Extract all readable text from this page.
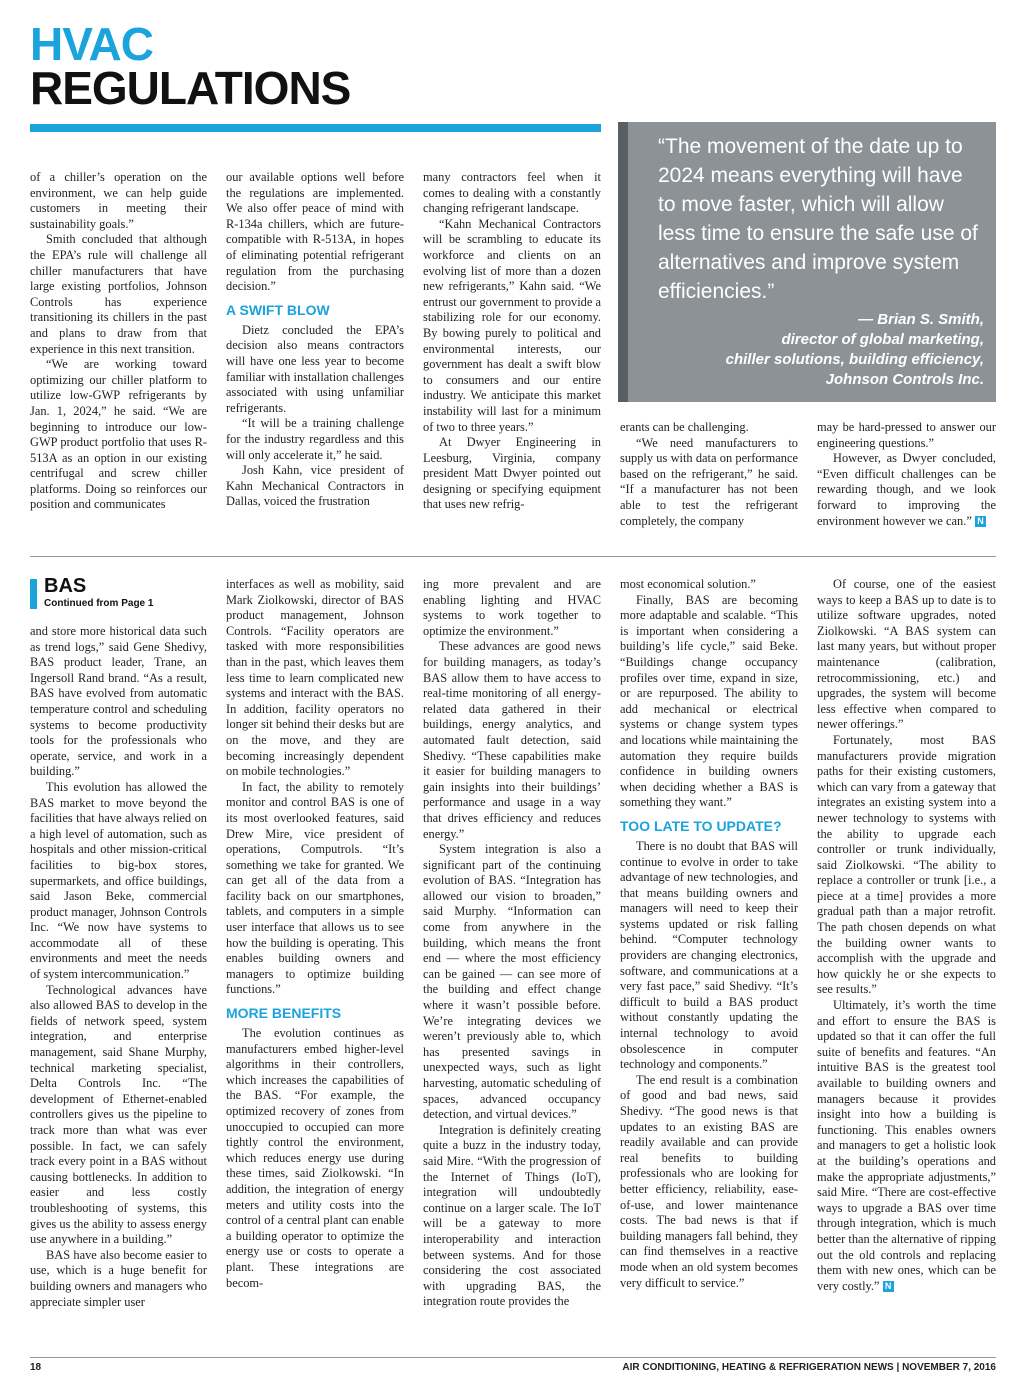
HVAC
REGULATIONS
“The movement of the date up to 2024 means everything will have to move faster, which will allow less time to ensure the safe use of alternatives and improve system efficiencies.”
— Brian S. Smith,
director of global marketing,
chiller solutions, building efficiency,
Johnson Controls Inc.

of a chiller’s operation on the environment, we can help guide customers in meeting their sustainability goals.”

Smith concluded that although the EPA’s rule will challenge all chiller manufacturers that have large existing portfolios, Johnson Controls has experience transitioning its chillers in the past and plans to draw from that experience in this next transition.

“We are working toward optimizing our chiller platform to utilize low-GWP refrigerants by Jan. 1, 2024,” he said. “We are beginning to introduce our low-GWP product portfolio that uses R-513A as an option in our existing centrifugal and screw chiller platforms. Doing so reinforces our position and communicates

our available options well before the regulations are implemented. We also offer peace of mind with R-134a chillers, which are future-compatible with R-513A, in hopes of eliminating potential refrigerant regulation from the purchasing decision.”

A SWIFT BLOW

Dietz concluded the EPA’s decision also means contractors will have one less year to become familiar with installation challenges associated with using unfamiliar refrigerants.

“It will be a training challenge for the industry regardless and this will only accelerate it,” he said.

Josh Kahn, vice president of Kahn Mechanical Contractors in Dallas, voiced the frustration

many contractors feel when it comes to dealing with a constantly changing refrigerant landscape.

“Kahn Mechanical Contractors will be scrambling to educate its workforce and clients on an evolving list of more than a dozen new refrigerants,” Kahn said. “We entrust our government to provide a stabilizing role for our economy. By bowing purely to political and environmental interests, our government has dealt a swift blow to consumers and our entire industry. We anticipate this market instability will last for a minimum of two to three years.”

At Dwyer Engineering in Leesburg, Virginia, company president Matt Dwyer pointed out designing or specifying equipment that uses new refrig-

erants can be challenging.

“We need manufacturers to supply us with data on performance based on the refrigerant,” he said. “If a manufacturer has not been able to test the refrigerant completely, the company

may be hard-pressed to answer our engineering questions.”

However, as Dwyer concluded, “Even difficult challenges can be rewarding though, and we look forward to improving the environment however we can.” N

BAS
Continued from Page 1

and store more historical data such as trend logs,” said Gene Shedivy, BAS product leader, Trane, an Ingersoll Rand brand. “As a result, BAS have evolved from automatic temperature control and scheduling systems to become productivity tools for the professionals who operate, service, and work in a building.”

This evolution has allowed the BAS market to move beyond the facilities that have always relied on a high level of automation, such as hospitals and other mission-critical facilities to big-box stores, supermarkets, and office buildings, said Jason Beke, commercial product manager, Johnson Controls Inc. “We now have systems to accommodate all of these environments and meet the needs of system intercommunication.”

Technological advances have also allowed BAS to develop in the fields of network speed, system integration, and enterprise management, said Shane Murphy, technical marketing specialist, Delta Controls Inc. “The development of Ethernet-enabled controllers gives us the pipeline to track more than what was ever possible. In fact, we can safely track every point in a BAS without causing bottlenecks. In addition to easier and less costly troubleshooting of systems, this gives us the ability to assess energy use anywhere in a building.”

BAS have also become easier to use, which is a huge benefit for building owners and managers who appreciate simpler user

interfaces as well as mobility, said Mark Ziolkowski, director of BAS product management, Johnson Controls. “Facility operators are tasked with more responsibilities than in the past, which leaves them less time to learn complicated new systems and interact with the BAS. In addition, facility operators no longer sit behind their desks but are on the move, and they are becoming increasingly dependent on mobile technologies.”

In fact, the ability to remotely monitor and control BAS is one of its most overlooked features, said Drew Mire, vice president of operations, Computrols. “It’s something we take for granted. We can get all of the data from a facility back on our smartphones, tablets, and computers in a simple user interface that allows us to see how the building is operating. This enables building owners and managers to optimize building functions.”

MORE BENEFITS

The evolution continues as manufacturers embed higher-level algorithms in their controllers, which increases the capabilities of the BAS. “For example, the optimized recovery of zones from unoccupied to occupied can more tightly control the environment, which reduces energy use during these times, said Ziolkowski. “In addition, the integration of energy meters and utility costs into the control of a central plant can enable a building operator to optimize the energy use or costs to operate a plant. These integrations are becom-

ing more prevalent and are enabling lighting and HVAC systems to work together to optimize the environment.”

These advances are good news for building managers, as today’s BAS allow them to have access to real-time monitoring of all energy-related data gathered in their buildings, energy analytics, and automated fault detection, said Shedivy. “These capabilities make it easier for building managers to gain insights into their buildings’ performance and usage in a way that drives efficiency and reduces energy.”

System integration is also a significant part of the continuing evolution of BAS. “Integration has allowed our vision to broaden,” said Murphy. “Information can come from anywhere in the building, which means the front end — where the most efficiency can be gained — can see more of the building and effect change where it wasn’t possible before. We’re integrating devices we weren’t previously able to, which has presented savings in unexpected ways, such as light harvesting, automatic scheduling of spaces, advanced occupancy detection, and virtual devices.”

Integration is definitely creating quite a buzz in the industry today, said Mire. “With the progression of the Internet of Things (IoT), integration will undoubtedly continue on a larger scale. The IoT will be a gateway to more interoperability and interaction between systems. And for those considering the cost associated with upgrading BAS, the integration route provides the

most economical solution.”

Finally, BAS are becoming more adaptable and scalable. “This is important when considering a building’s life cycle,” said Beke. “Buildings change occupancy profiles over time, expand in size, or are repurposed. The ability to add mechanical or electrical systems or change system types and locations while maintaining the automation they require builds confidence in building owners when deciding whether a BAS is something they want.”

TOO LATE TO UPDATE?

There is no doubt that BAS will continue to evolve in order to take advantage of new technologies, and that means building owners and managers will need to keep their systems updated or risk falling behind. “Computer technology providers are changing electronics, software, and communications at a very fast pace,” said Shedivy. “It’s difficult to build a BAS product without constantly updating the internal technology to avoid obsolescence in computer technology and components.”

The end result is a combination of good and bad news, said Shedivy. “The good news is that updates to an existing BAS are readily available and can provide real benefits to building professionals who are looking for better efficiency, reliability, ease-of-use, and lower maintenance costs. The bad news is that if building managers fall behind, they can find themselves in a reactive mode when an old system becomes very difficult to service.”

Of course, one of the easiest ways to keep a BAS up to date is to utilize software upgrades, noted Ziolkowski. “A BAS system can last many years, but without proper maintenance (calibration, retrocommissioning, etc.) and upgrades, the system will become less effective when compared to newer offerings.”

Fortunately, most BAS manufacturers provide migration paths for their existing customers, which can vary from a gateway that integrates an existing system into a newer technology to systems with the ability to upgrade each controller or trunk individually, said Ziolkowski. “The ability to replace a controller or trunk [i.e., a piece at a time] provides a more gradual path than a major retrofit. The path chosen depends on what the building owner wants to accomplish with the upgrade and how quickly he or she expects to see results.”

Ultimately, it’s worth the time and effort to ensure the BAS is updated so that it can offer the full suite of benefits and features. “An intuitive BAS is the greatest tool available to building owners and managers because it provides insight into how a building is functioning. This enables owners and managers to get a holistic look at the building’s operations and make the appropriate adjustments,” said Mire. “There are cost-effective ways to upgrade a BAS over time through integration, which is much better than the alternative of ripping out the old controls and replacing them with new ones, which can be very costly.” N

18	AIR CONDITIONING, HEATING & REFRIGERATION NEWS | NOVEMBER 7, 2016
